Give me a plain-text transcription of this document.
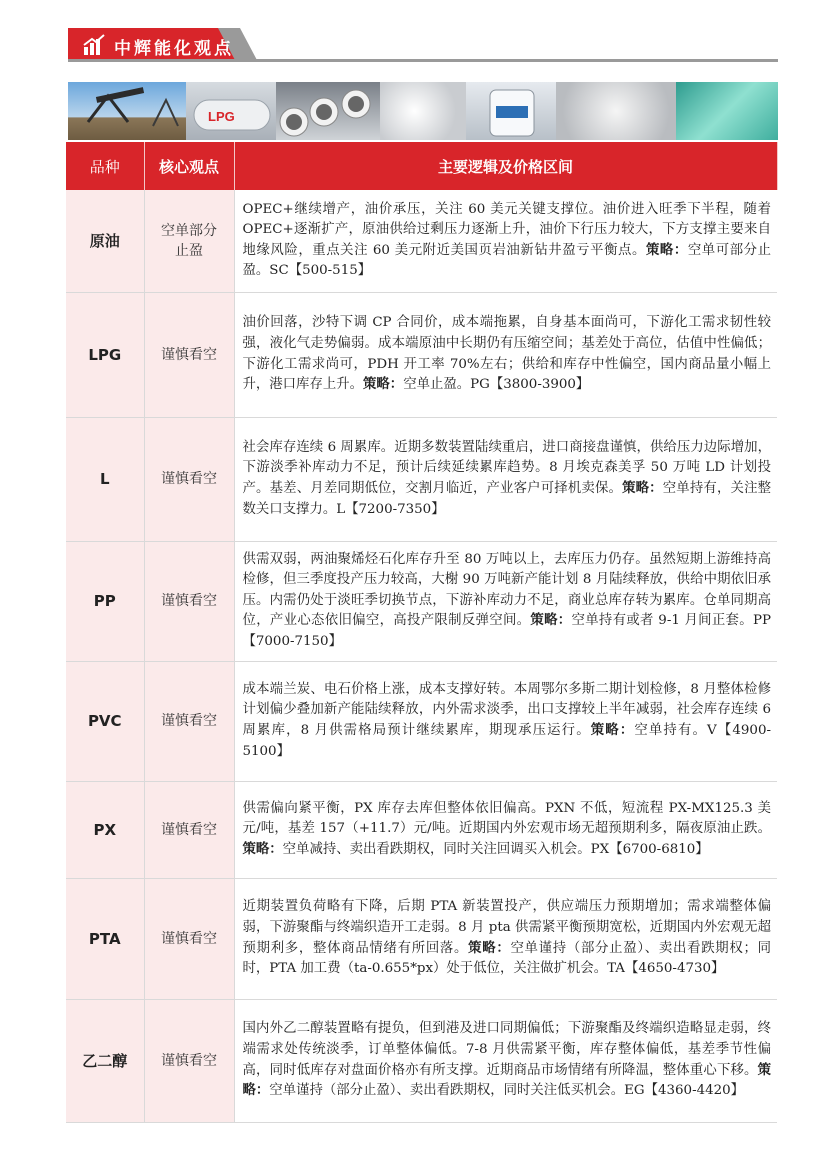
中辉能化观点
LPG
品种	核心观点	主要逻辑及价格区间
原油	空单部分止盈	OPEC+继续增产，油价承压，关注 60 美元关键支撑位。油价进入旺季下半程，随着 OPEC+逐渐扩产，原油供给过剩压力逐渐上升，油价下行压力较大，下方支撑主要来自地缘风险，重点关注 60 美元附近美国页岩油新钻井盈亏平衡点。策略：空单可部分止盈。SC【500-515】

LPG	谨慎看空	油价回落，沙特下调 CP 合同价，成本端拖累，自身基本面尚可，下游化工需求韧性较强，液化气走势偏弱。成本端原油中长期仍有压缩空间；基差处于高位，估值中性偏低；下游化工需求尚可，PDH 开工率 70%左右；供给和库存中性偏空，国内商品量小幅上升，港口库存上升。策略：空单止盈。PG【3800-3900】

L	谨慎看空	社会库存连续 6 周累库。近期多数装置陆续重启，进口商接盘谨慎，供给压力边际增加，下游淡季补库动力不足，预计后续延续累库趋势。8 月埃克森美孚 50 万吨 LD 计划投产。基差、月差同期低位，交割月临近，产业客户可择机卖保。策略：空单持有，关注整数关口支撑力。L【7200-7350】

PP	谨慎看空	供需双弱，两油聚烯烃石化库存升至 80 万吨以上，去库压力仍存。虽然短期上游维持高检修，但三季度投产压力较高，大榭 90 万吨新产能计划 8 月陆续释放，供给中期依旧承压。内需仍处于淡旺季切换节点，下游补库动力不足，商业总库存转为累库。仓单同期高位，产业心态依旧偏空，高投产限制反弹空间。策略：空单持有或者 9-1 月间正套。PP【7000-7150】

PVC	谨慎看空	成本端兰炭、电石价格上涨，成本支撑好转。本周鄂尔多斯二期计划检修，8 月整体检修计划偏少叠加新产能陆续释放，内外需求淡季，出口支撑较上半年减弱，社会库存连续 6 周累库，8 月供需格局预计继续累库，期现承压运行。策略：空单持有。V【4900-5100】

PX	谨慎看空	供需偏向紧平衡，PX 库存去库但整体依旧偏高。PXN 不低，短流程 PX-MX125.3 美元/吨，基差 157（+11.7）元/吨。近期国内外宏观市场无超预期利多，隔夜原油止跌。策略：空单减持、卖出看跌期权，同时关注回调买入机会。PX【6700-6810】

PTA	谨慎看空	近期装置负荷略有下降，后期 PTA 新装置投产，供应端压力预期增加；需求端整体偏弱，下游聚酯与终端织造开工走弱。8 月 pta 供需紧平衡预期宽松，近期国内外宏观无超预期利多，整体商品情绪有所回落。策略：空单谨持（部分止盈）、卖出看跌期权；同时，PTA 加工费（ta-0.655*px）处于低位，关注做扩机会。TA【4650-4730】

乙二醇	谨慎看空	国内外乙二醇装置略有提负，但到港及进口同期偏低；下游聚酯及终端织造略显走弱，终端需求处传统淡季，订单整体偏低。7-8 月供需紧平衡，库存整体偏低，基差季节性偏高，同时低库存对盘面价格亦有所支撑。近期商品市场情绪有所降温，整体重心下移。策略：空单谨持（部分止盈）、卖出看跌期权，同时关注低买机会。EG【4360-4420】
